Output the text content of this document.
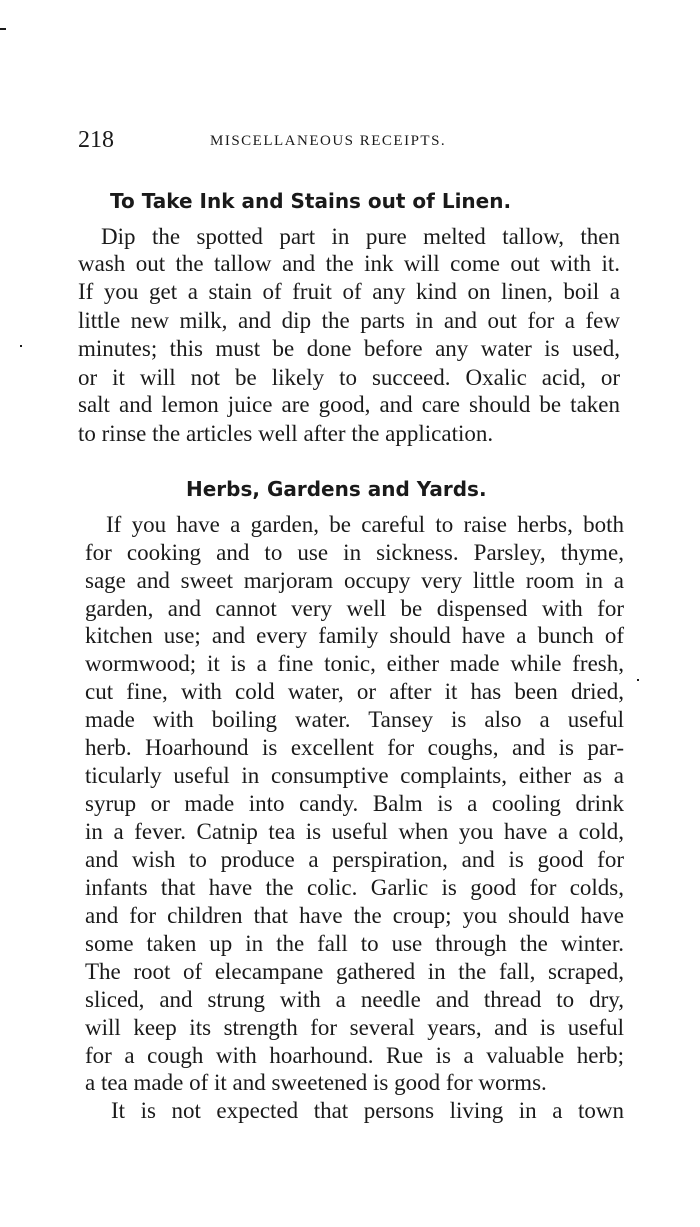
218	MISCELLANEOUS RECEIPTS.
To Take Ink and Stains out of Linen.
Dip the spotted part in pure melted tallow, then
wash out the tallow and the ink will come out with it.
If you get a stain of fruit of any kind on linen, boil a
little new milk, and dip the parts in and out for a few
minutes; this must be done before any water is used,
or it will not be likely to succeed. Oxalic acid, or
salt and lemon juice are good, and care should be taken
to rinse the articles well after the application.
Herbs, Gardens and Yards.
If you have a garden, be careful to raise herbs, both
for cooking and to use in sickness. Parsley, thyme,
sage and sweet marjoram occupy very little room in a
garden, and cannot very well be dispensed with for
kitchen use; and every family should have a bunch of
wormwood; it is a fine tonic, either made while fresh,
cut fine, with cold water, or after it has been dried,
made with boiling water. Tansey is also a useful
herb. Hoarhound is excellent for coughs, and is par-
ticularly useful in consumptive complaints, either as a
syrup or made into candy. Balm is a cooling drink
in a fever. Catnip tea is useful when you have a cold,
and wish to produce a perspiration, and is good for
infants that have the colic. Garlic is good for colds,
and for children that have the croup; you should have
some taken up in the fall to use through the winter.
The root of elecampane gathered in the fall, scraped,
sliced, and strung with a needle and thread to dry,
will keep its strength for several years, and is useful
for a cough with hoarhound. Rue is a valuable herb;
a tea made of it and sweetened is good for worms.
It is not expected that persons living in a town
